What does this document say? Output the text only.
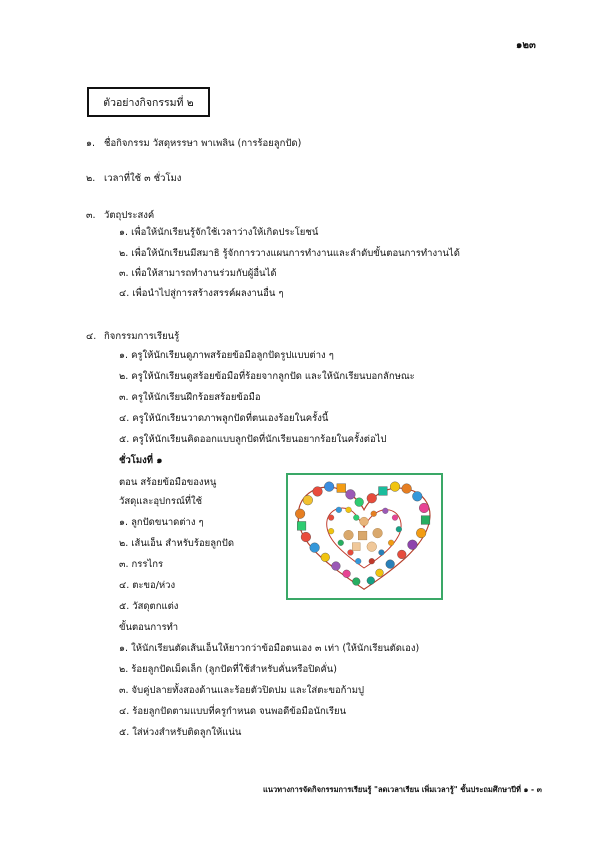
๑๒๓
ตัวอย่างกิจกรรมที่ ๒
๑. ชื่อกิจกรรม วัสดุหรรษา พาเพลิน (การร้อยลูกปัด)
๒. เวลาที่ใช้ ๓ ชั่วโมง
๓. วัตถุประสงค์
๑. เพื่อให้นักเรียนรู้จักใช้เวลาว่างให้เกิดประโยชน์
๒. เพื่อให้นักเรียนมีสมาธิ รู้จักการวางแผนการทำงานและลำดับขั้นตอนการทำงานได้
๓. เพื่อให้สามารถทำงานร่วมกับผู้อื่นได้
๔. เพื่อนำไปสู่การสร้างสรรค์ผลงานอื่น ๆ
๔. กิจกรรมการเรียนรู้
๑. ครูให้นักเรียนดูภาพสร้อยข้อมือลูกปัดรูปแบบต่าง ๆ
๒. ครูให้นักเรียนดูสร้อยข้อมือที่ร้อยจากลูกปัด และให้นักเรียนบอกลักษณะ
๓. ครูให้นักเรียนฝึกร้อยสร้อยข้อมือ
๔. ครูให้นักเรียนวาดภาพลูกปัดที่ตนเองร้อยในครั้งนี้
๕. ครูให้นักเรียนคิดออกแบบลูกปัดที่นักเรียนอยากร้อยในครั้งต่อไป
ชั่วโมงที่ ๑
ตอน สร้อยข้อมือของหนู
วัสดุและอุปกรณ์ที่ใช้
๑. ลูกปัดขนาดต่าง ๆ
๒. เส้นเอ็น สำหรับร้อยลูกปัด
๓. กรรไกร
๔. ตะขอ/ห่วง
๕. วัสดุตกแต่ง
ขั้นตอนการทำ
๑. ให้นักเรียนตัดเส้นเอ็นให้ยาวกว่าข้อมือตนเอง ๓ เท่า (ให้นักเรียนตัดเอง)
๒. ร้อยลูกปัดเม็ดเล็ก (ลูกปัดที่ใช้สำหรับคั่นหรือปิดคั่น)
๓. จับคู่ปลายทั้งสองด้านและร้อยตัวปิดปม และใส่ตะขอก้ามปู
๔. ร้อยลูกปัดตามแบบที่ครูกำหนด จนพอดีข้อมือนักเรียน
๕. ใส่ห่วงสำหรับติดลูกให้แน่น
แนวทางการจัดกิจกรรมการเรียนรู้ "ลดเวลาเรียน เพิ่มเวลารู้" ชั้นประถมศึกษาปีที่ ๑ - ๓
